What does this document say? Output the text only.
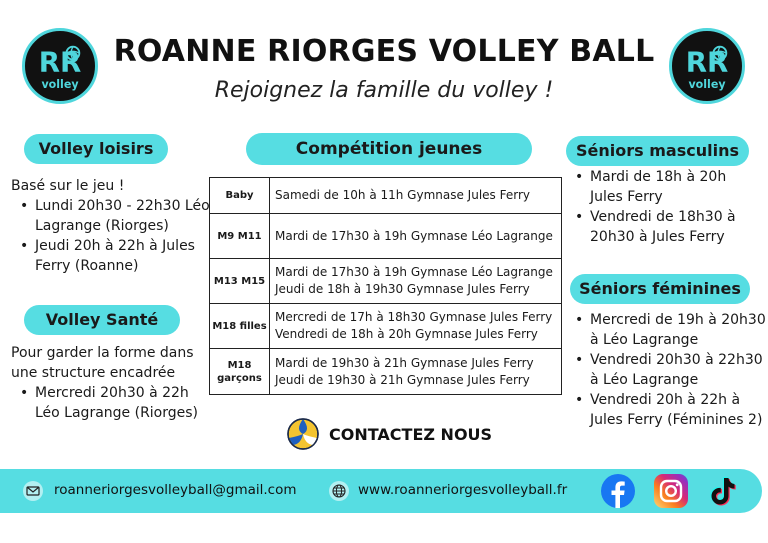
RR
volley
RR
volley
ROANNE RIORGES VOLLEY BALL
Rejoignez la famille du volley !
Volley loisirs
Basé sur le jeu !
• Lundi 20h30 - 22h30 Léo Lagrange (Riorges)
• Jeudi 20h à 22h à Jules Ferry (Roanne)
Volley Santé
Pour garder la forme dans une structure encadrée
• Mercredi 20h30 à 22h Léo Lagrange (Riorges)
Compétition jeunes
Baby	Samedi de 10h à 11h Gymnase Jules Ferry

M9 M11	Mardi de 17h30 à 19h Gymnase Léo Lagrange

M13 M15	Mardi de 17h30 à 19h Gymnase Léo Lagrange
Jeudi de 18h à 19h30 Gymnase Jules Ferry

M18 filles	Mercredi de 17h à 18h30 Gymnase Jules Ferry
Vendredi de 18h à 20h Gymnase Jules Ferry

M18 garçons	Mardi de 19h30 à 21h Gymnase Jules Ferry
Jeudi de 19h30 à 21h Gymnase Jules Ferry
CONTACTEZ NOUS
Séniors masculins
• Mardi de 18h à 20h Jules Ferry
• Vendredi de 18h30 à 20h30 à Jules Ferry
Séniors féminines
• Mercredi de 19h à 20h30 à Léo Lagrange
• Vendredi 20h30 à 22h30 à Léo Lagrange
• Vendredi 20h à 22h à Jules Ferry (Féminines 2)
roanneriorgesvolleyball@gmail.com	www.roanneriorgesvolleyball.fr
